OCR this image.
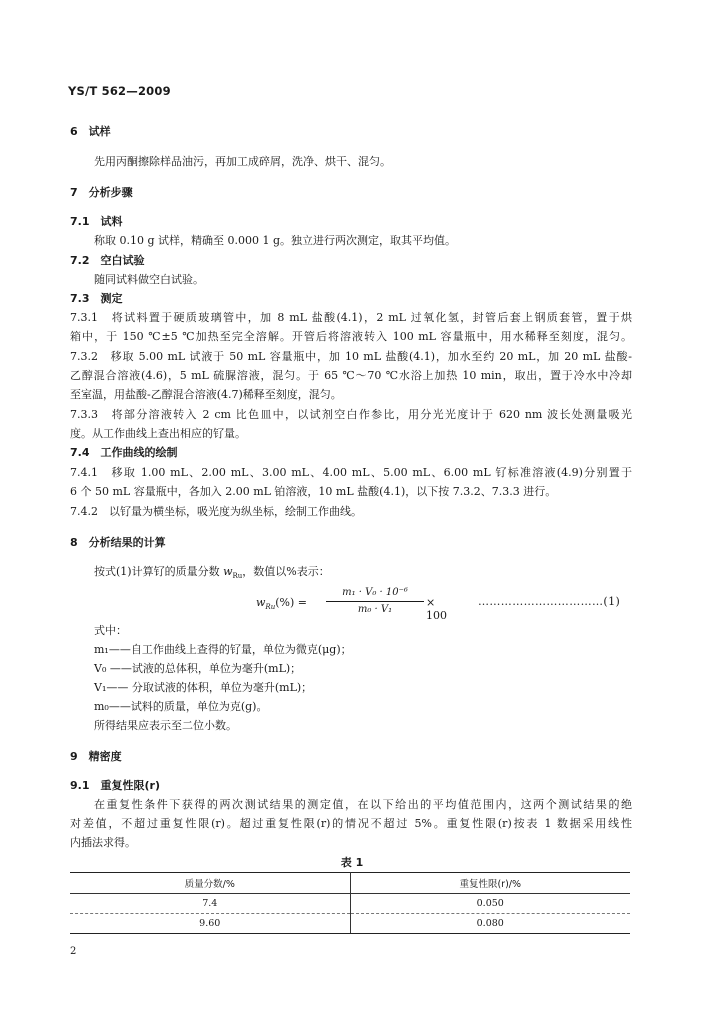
YS/T 562—2009
6　 试样
先用丙酮擦除样品油污，再加工成碎屑，洗净、烘干、混匀。
7　 分析步骤
7.1　 试料
称取 0.10 g 试样，精确至 0.000 1 g。独立进行两次测定，取其平均值。
7.2　 空白试验
随同试料做空白试验。
7.3　 测定
7.3.1　将试料置于硬质玻璃管中，加 8 mL 盐酸(4.1)，2 mL 过氧化氢，封管后套上钢质套管，置于烘
箱中，于 150 ℃±5 ℃加热至完全溶解。开管后将溶液转入 100 mL 容量瓶中，用水稀释至刻度，混匀。
7.3.2　移取 5.00 mL 试液于 50 mL 容量瓶中，加 10 mL 盐酸(4.1)，加水至约 20 mL，加 20 mL 盐酸-
乙醇混合溶液(4.6)，5 mL 硫脲溶液，混匀。于 65 ℃～70 ℃水浴上加热 10 min，取出，置于冷水中冷却
至室温，用盐酸-乙醇混合溶液(4.7)稀释至刻度，混匀。
7.3.3　将部分溶液转入 2 cm 比色皿中，以试剂空白作参比，用分光光度计于 620 nm 波长处测量吸光
度。从工作曲线上查出相应的钌量。
7.4　 工作曲线的绘制
7.4.1　移取 1.00 mL、2.00 mL、3.00 mL、4.00 mL、5.00 mL、6.00 mL 钌标准溶液(4.9)分别置于
6 个 50 mL 容量瓶中，各加入 2.00 mL 铂溶液，10 mL 盐酸(4.1)，以下按 7.3.2、7.3.3 进行。
7.4.2　以钌量为横坐标，吸光度为纵坐标，绘制工作曲线。
8　 分析结果的计算
按式(1)计算钌的质量分数 $w_{Ru}$，数值以%表示：
$w_{Ru}(\%)$ =
m₁ · V₀ · 10⁻⁶
m₀ · V₁
× 100
……………………………(1)
式中：
m₁——自工作曲线上查得的钌量，单位为微克(μg)；
V₀ ——试液的总体积，单位为毫升(mL)；
V₁—— 分取试液的体积，单位为毫升(mL)；
m₀——试料的质量，单位为克(g)。
所得结果应表示至二位小数。
9　 精密度
9.1　 重复性限(r)
在重复性条件下获得的两次测试结果的测定值，在以下给出的平均值范围内，这两个测试结果的绝
对差值，不超过重复性限(r)。超过重复性限(r)的情况不超过 5%。重复性限(r)按表 1 数据采用线性
内插法求得。
表 1
质量分数/%	重复性限(r)/%
7.4	0.050
9.60	0.080
2
